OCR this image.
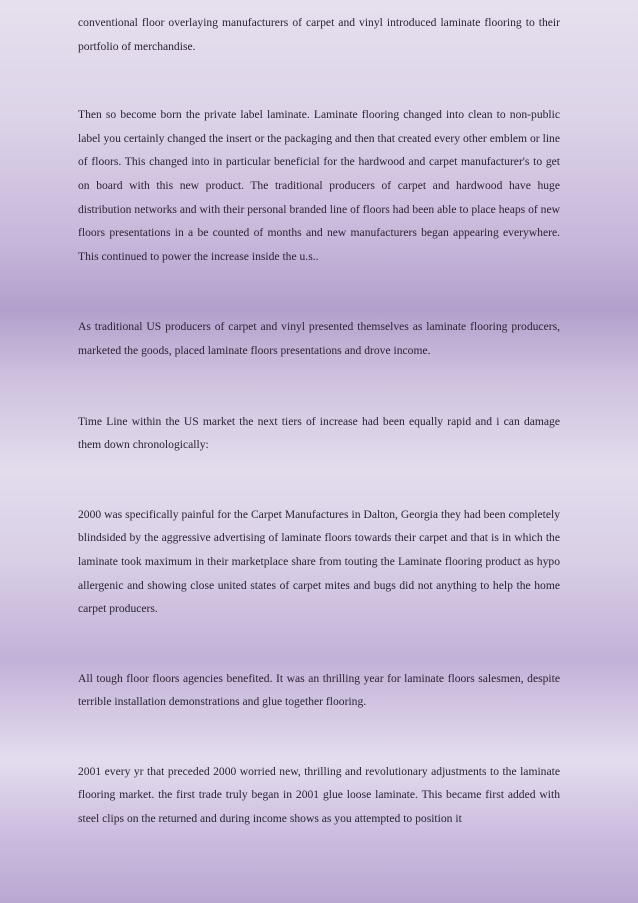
conventional floor overlaying manufacturers of carpet and vinyl introduced laminate flooring to their portfolio of merchandise.

Then so become born the private label laminate. Laminate flooring changed into clean to non-public label you certainly changed the insert or the packaging and then that created every other emblem or line of floors. This changed into in particular beneficial for the hardwood and carpet manufacturer's to get on board with this new product. The traditional producers of carpet and hardwood have huge distribution networks and with their personal branded line of floors had been able to place heaps of new floors presentations in a be counted of months and new manufacturers began appearing everywhere. This continued to power the increase inside the u.s..

As traditional US producers of carpet and vinyl presented themselves as laminate flooring producers, marketed the goods, placed laminate floors presentations and drove income.

Time Line within the US market the next tiers of increase had been equally rapid and i can damage them down chronologically:

2000 was specifically painful for the Carpet Manufactures in Dalton, Georgia they had been completely blindsided by the aggressive advertising of laminate floors towards their carpet and that is in which the laminate took maximum in their marketplace share from touting the Laminate flooring product as hypo allergenic and showing close united states of carpet mites and bugs did not anything to help the home carpet producers.

All tough floor floors agencies benefited. It was an thrilling year for laminate floors salesmen, despite terrible installation demonstrations and glue together flooring.

2001 every yr that preceded 2000 worried new, thrilling and revolutionary adjustments to the laminate flooring market. the first trade truly began in 2001 glue loose laminate. This became first added with steel clips on the returned and during income shows as you attempted to position it
